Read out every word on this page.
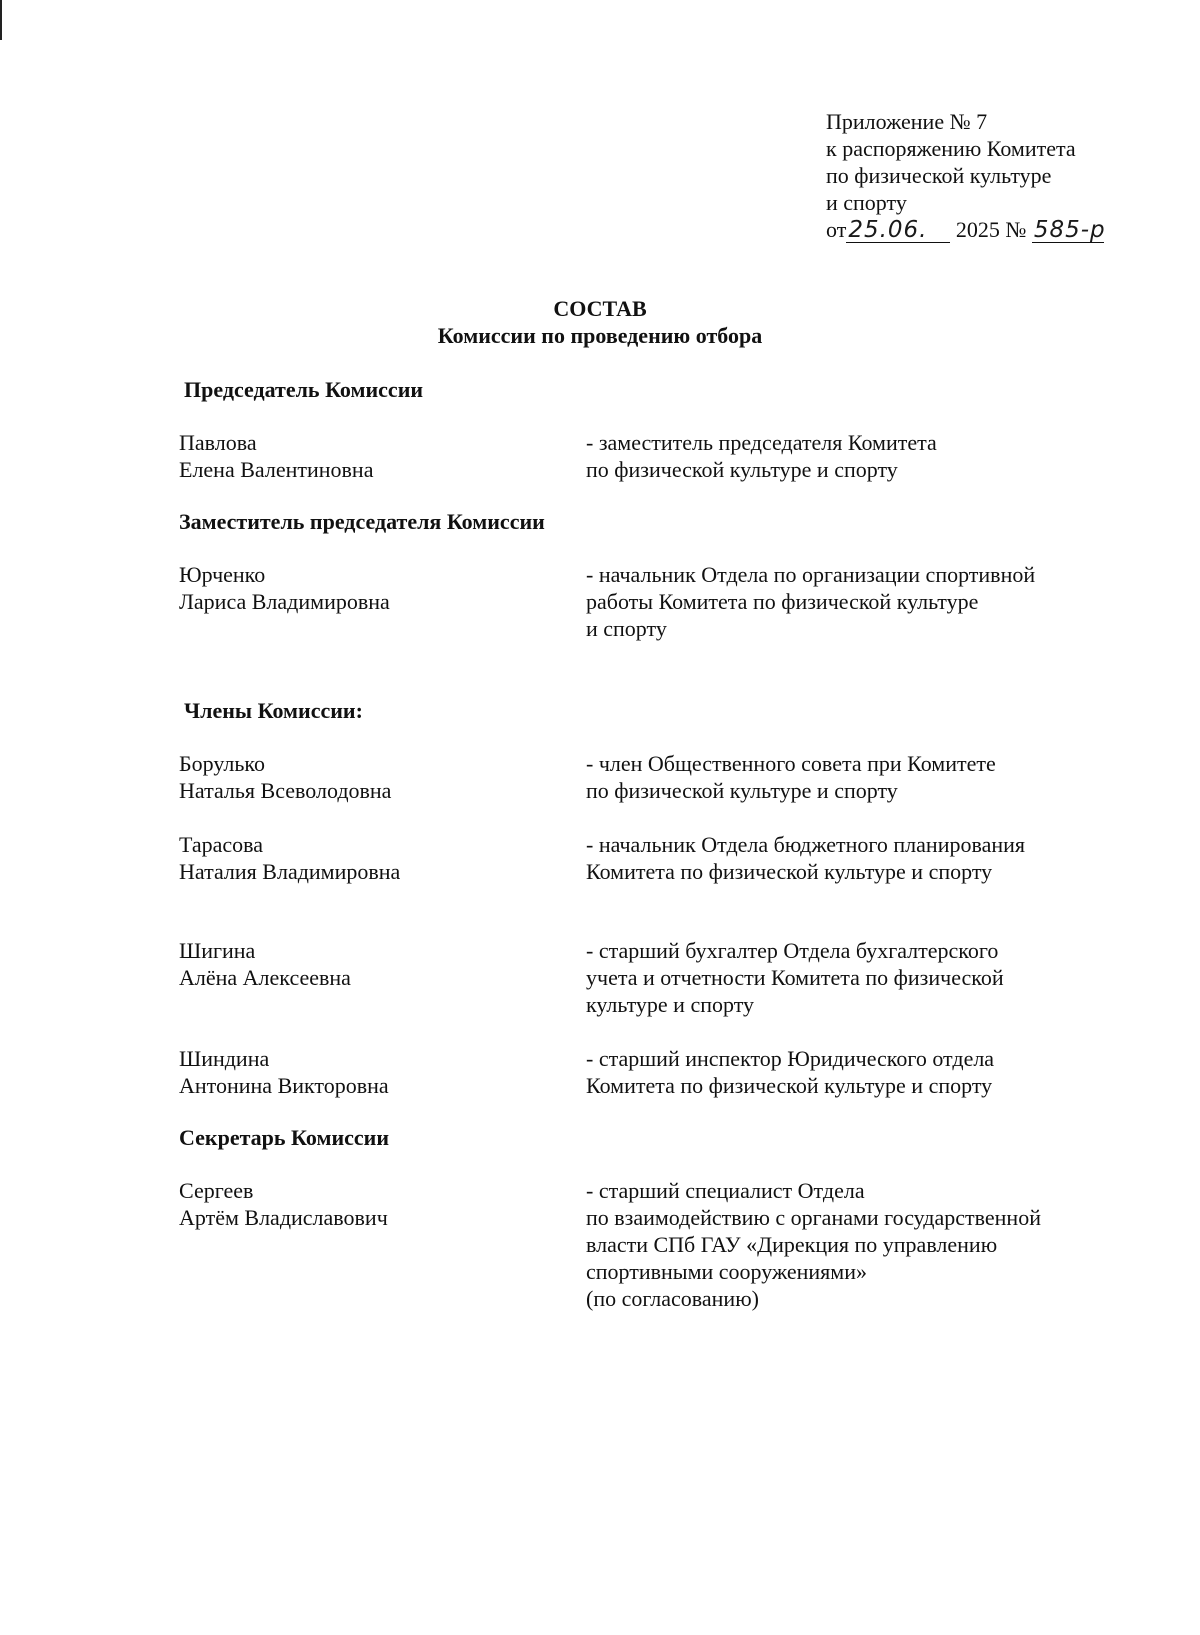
Приложение № 7
к распоряжению Комитета
по физической культуре
и спорту
от25.06. 2025 № 585-р
СОСТАВ
Комиссии по проведению отбора
Председатель Комиссии
Павлова
Елена Валентиновна
- заместитель председателя Комитета
по физической культуре и спорту
Заместитель председателя Комиссии
Юрченко
Лариса Владимировна
- начальник Отдела по организации спортивной
работы Комитета по физической культуре
и спорту
Члены Комиссии:
Борулько
Наталья Всеволодовна
- член Общественного совета при Комитете
по физической культуре и спорту
Тарасова
Наталия Владимировна
- начальник Отдела бюджетного планирования
Комитета по физической культуре и спорту
Шигина
Алёна Алексеевна
- старший бухгалтер Отдела бухгалтерского
учета и отчетности Комитета по физической
культуре и спорту
Шиндина
Антонина Викторовна
- старший инспектор Юридического отдела
Комитета по физической культуре и спорту
Секретарь Комиссии
Сергеев
Артём Владиславович
- старший специалист Отдела
по взаимодействию с органами государственной
власти СПб ГАУ «Дирекция по управлению
спортивными сооружениями»
(по согласованию)
